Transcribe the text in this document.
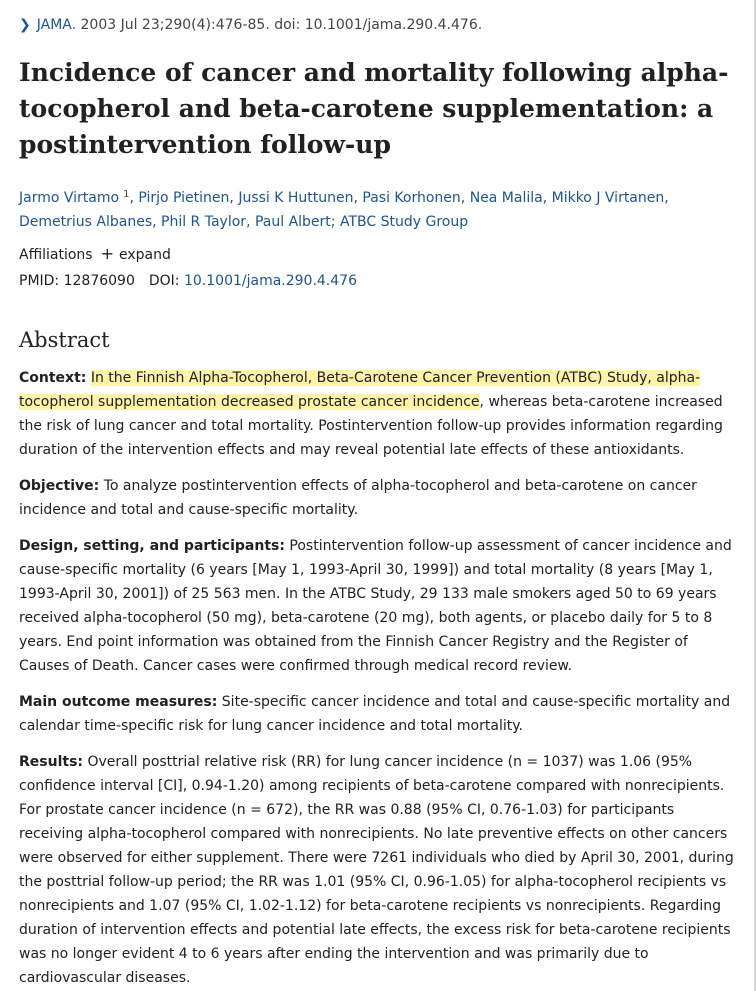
❯ JAMA. 2003 Jul 23;290(4):476-85. doi: 10.1001/jama.290.4.476.
Incidence of cancer and mortality following alpha-tocopherol and beta-carotene supplementation: a postintervention follow-up
Jarmo Virtamo $^1$, Pirjo Pietinen, Jussi K Huttunen, Pasi Korhonen, Nea Malila, Mikko J Virtanen,
Demetrius Albanes, Phil R Taylor, Paul Albert; ATBC Study Group
Affiliations + expand
PMID: 12876090 DOI: 10.1001/jama.290.4.476
Abstract

Context: In the Finnish Alpha-Tocopherol, Beta-Carotene Cancer Prevention (ATBC) Study, alpha-tocopherol supplementation decreased prostate cancer incidence, whereas beta-carotene increased the risk of lung cancer and total mortality. Postintervention follow-up provides information regarding duration of the intervention effects and may reveal potential late effects of these antioxidants.

Objective: To analyze postintervention effects of alpha-tocopherol and beta-carotene on cancer incidence and total and cause-specific mortality.

Design, setting, and participants: Postintervention follow-up assessment of cancer incidence and cause-specific mortality (6 years [May 1, 1993-April 30, 1999]) and total mortality (8 years [May 1, 1993-April 30, 2001]) of 25 563 men. In the ATBC Study, 29 133 male smokers aged 50 to 69 years received alpha-tocopherol (50 mg), beta-carotene (20 mg), both agents, or placebo daily for 5 to 8 years. End point information was obtained from the Finnish Cancer Registry and the Register of Causes of Death. Cancer cases were confirmed through medical record review.

Main outcome measures: Site-specific cancer incidence and total and cause-specific mortality and calendar time-specific risk for lung cancer incidence and total mortality.

Results: Overall posttrial relative risk (RR) for lung cancer incidence (n = 1037) was 1.06 (95% confidence interval [CI], 0.94-1.20) among recipients of beta-carotene compared with nonrecipients. For prostate cancer incidence (n = 672), the RR was 0.88 (95% CI, 0.76-1.03) for participants receiving alpha-tocopherol compared with nonrecipients. No late preventive effects on other cancers were observed for either supplement. There were 7261 individuals who died by April 30, 2001, during the posttrial follow-up period; the RR was 1.01 (95% CI, 0.96-1.05) for alpha-tocopherol recipients vs nonrecipients and 1.07 (95% CI, 1.02-1.12) for beta-carotene recipients vs nonrecipients. Regarding duration of intervention effects and potential late effects, the excess risk for beta-carotene recipients was no longer evident 4 to 6 years after ending the intervention and was primarily due to cardiovascular diseases.
